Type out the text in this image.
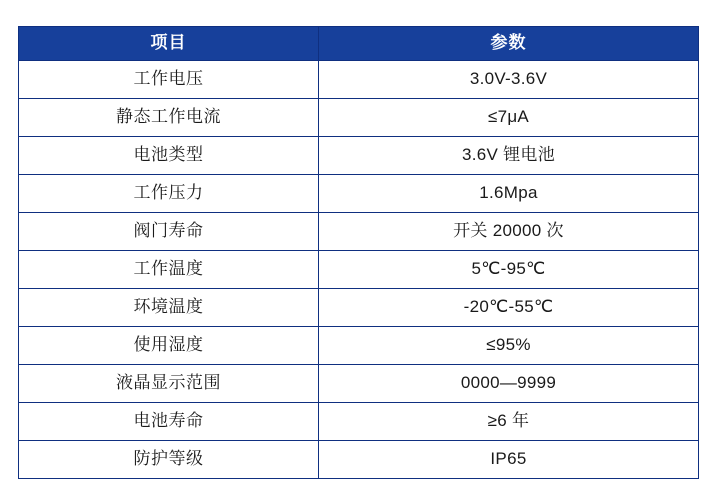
项目	参数
工作电压	3.0V-3.6V
静态工作电流	≤7μA
电池类型	3.6V 锂电池
工作压力	1.6Mpa
阀门寿命	开关 20000 次
工作温度	5℃-95℃
环境温度	-20℃-55℃
使用湿度	≤95%
液晶显示范围	0000—9999
电池寿命	≥6 年
防护等级	IP65
